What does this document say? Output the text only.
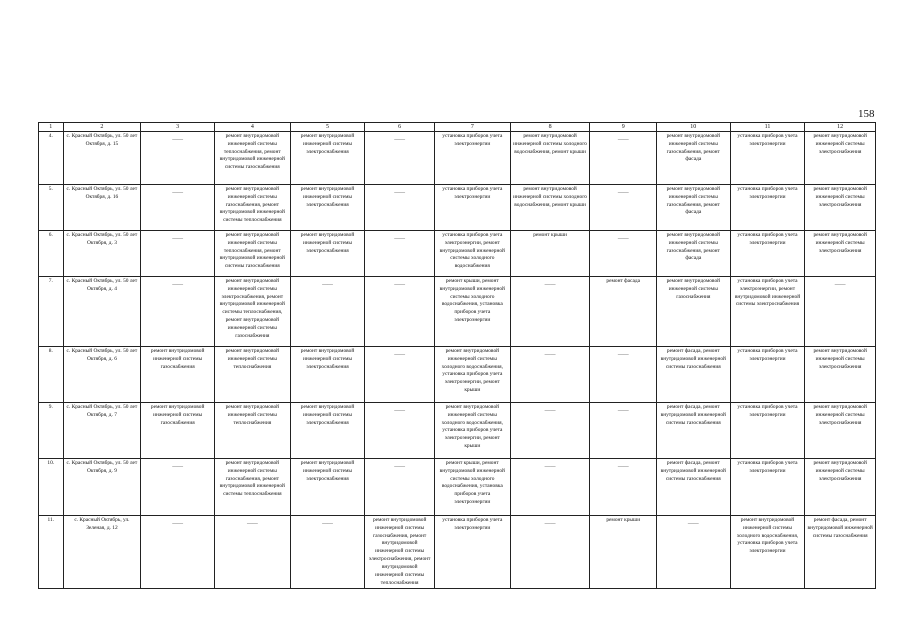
158
1	2	3	4	5	6	7	8	9	10	11	12
4.	с. Красный Октябрь, ул. 50 лет Октября, д. 15	——	ремонт внутридомовой инженерной системы теплоснабжения, ремонт внутридомовой инженерной системы газоснабжения	ремонт внутридомовой инженерной системы электроснабжения	——	установка приборов учета электроэнергии	ремонт внутридомовой инженерной системы холодного водоснабжения, ремонт крыши	——	ремонт внутридомовой инженерной системы газоснабжения, ремонт фасада	установка приборов учета электроэнергии	ремонт внутридомовой инженерной системы электроснабжения
5.	с. Красный Октябрь, ул. 50 лет Октября, д. 16	——	ремонт внутридомовой инженерной системы газоснабжения, ремонт внутридомовой инженерной системы теплоснабжения	ремонт внутридомовой инженерной системы электроснабжения	——	установка приборов учета электроэнергии	ремонт внутридомовой инженерной системы холодного водоснабжения, ремонт крыши	——	ремонт внутридомовой инженерной системы газоснабжения, ремонт фасада	установка приборов учета электроэнергии	ремонт внутридомовой инженерной системы электроснабжения
6.	с. Красный Октябрь, ул. 50 лет Октября, д. 3	——	ремонт внутридомовой инженерной системы теплоснабжения, ремонт внутридомовой инженерной системы газоснабжения	ремонт внутридомовой инженерной системы электроснабжения	——	установка приборов учета электроэнергии, ремонт внутридомовой инженерной системы холодного водоснабжения	ремонт крыши	——	ремонт внутридомовой инженерной системы газоснабжения, ремонт фасада	установка приборов учета электроэнергии	ремонт внутридомовой инженерной системы электроснабжения
7.	с. Красный Октябрь, ул. 50 лет Октября, д. 4	——	ремонт внутридомовой инженерной системы электроснабжения, ремонт внутридомовой инженерной системы теплоснабжения, ремонт внутридомовой инженерной системы газоснабжения	——	——	ремонт крыши, ремонт внутридомовой инженерной системы холодного водоснабжения, установка приборов учета электроэнергии	——	ремонт фасада	ремонт внутридомовой инженерной системы газоснабжения	установка приборов учета электроэнергии, ремонт внутридомовой инженерной системы электроснабжения	——
8.	с. Красный Октябрь, ул. 50 лет Октября, д. 6	ремонт внутридомовой инженерной системы газоснабжения	ремонт внутридомовой инженерной системы теплоснабжения	ремонт внутридомовой инженерной системы электроснабжения	——	ремонт внутридомовой инженерной системы холодного водоснабжения, установка приборов учета электроэнергии, ремонт крыши	——	——	ремонт фасада, ремонт внутридомовой инженерной системы газоснабжения	установка приборов учета электроэнергии	ремонт внутридомовой инженерной системы электроснабжения
9.	с. Красный Октябрь, ул. 50 лет Октября, д. 7	ремонт внутридомовой инженерной системы газоснабжения	ремонт внутридомовой инженерной системы теплоснабжения	ремонт внутридомовой инженерной системы электроснабжения	——	ремонт внутридомовой инженерной системы холодного водоснабжения, установка приборов учета электроэнергии, ремонт крыши	——	——	ремонт фасада, ремонт внутридомовой инженерной системы газоснабжения	установка приборов учета электроэнергии	ремонт внутридомовой инженерной системы электроснабжения
10.	с. Красный Октябрь, ул. 50 лет Октября, д. 9	——	ремонт внутридомовой инженерной системы газоснабжения, ремонт внутридомовой инженерной системы теплоснабжения	ремонт внутридомовой инженерной системы электроснабжения	——	ремонт крыши, ремонт внутридомовой инженерной системы холодного водоснабжения, установка приборов учета электроэнергии	——	——	ремонт фасада, ремонт внутридомовой инженерной системы газоснабжения	установка приборов учета электроэнергии	ремонт внутридомовой инженерной системы электроснабжения
11.	с. Красный Октябрь, ул. Зеленая, д. 12	——	——	——	ремонт внутридомовой инженерной системы газоснабжения, ремонт внутридомовой инженерной системы электроснабжения, ремонт внутридомовой инженерной системы теплоснабжения	установка приборов учета электроэнергии	——	ремонт крыши	——	ремонт внутридомовой инженерной системы холодного водоснабжения, установка приборов учета электроэнергии	ремонт фасада, ремонт внутридомовой инженерной системы газоснабжения
